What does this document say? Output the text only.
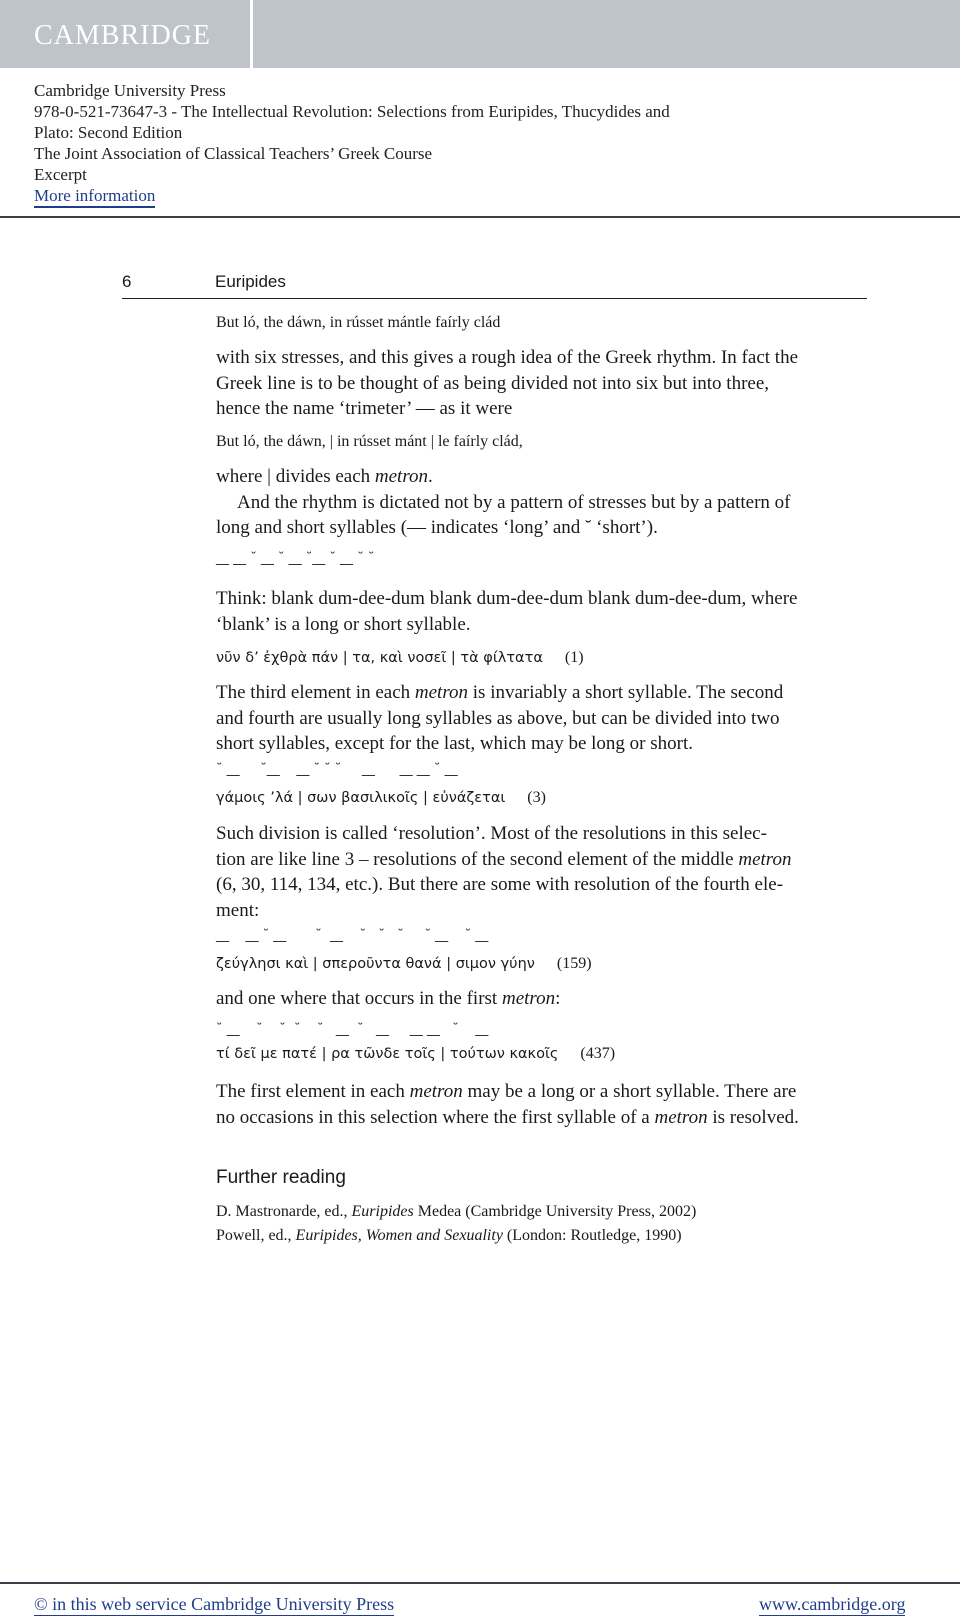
CAMBRIDGE
Cambridge University Press
978-0-521-73647-3 - The Intellectual Revolution: Selections from Euripides, Thucydides and
Plato: Second Edition
The Joint Association of Classical Teachers’ Greek Course
Excerpt
More information
6	Euripides
But ló, the dáwn, in rússet mántle faírly clád
with six stresses, and this gives a rough idea of the Greek rhythm. In fact the
Greek line is to be thought of as being divided not into six but into three,
hence the name ‘trimeter’ — as it were
But ló, the dáwn, | in rússet mánt | le faírly clád,
where | divides each metron.
And the rhythm is dictated not by a pattern of stresses but by a pattern of
long and short syllables (— indicates ‘long’ and ˘ ‘short’).
__ __ ˘ __ ˘ __ ˘__ ˘ __ ˘ ˘
Think: blank dum-dee-dum blank dum-dee-dum blank dum-dee-dum, where
‘blank’ is a long or short syllable.
νῦν δ’ ἐχθρὰ πάν | τα, καὶ νοσεῖ | τὰ φίλτατα (1)
The third element in each metron is invariably a short syllable. The second
and fourth are usually long syllables as above, but can be divided into two
short syllables, except for the last, which may be long or short.
˘ __     ˘__    __ ˘ ˘ ˘     __      __ __ ˘ __
γάμοις ’λά | σων βασιλικοῖς | εὐνάζεται (3)
Such division is called ‘resolution’. Most of the resolutions in this selec-
tion are like line 3 – resolutions of the second element of the middle metron
(6, 30, 114, 134, etc.). But there are some with resolution of the fourth ele-
ment:
__    __ ˘ __       ˘  __    ˘   ˘   ˘     ˘ __    ˘ __
ζεύγλησι καὶ | σπεροῦντα θανά | σιμον γύην (159)
and one where that occurs in the first metron:
˘ __    ˘    ˘  ˘    ˘   __  ˘   __     __ __   ˘    __
τί δεῖ με πατέ | ρα τῶνδε τοῖς | τούτων κακοῖς (437)
The first element in each metron may be a long or a short syllable. There are
no occasions in this selection where the first syllable of a metron is resolved.
Further reading
D. Mastronarde, ed., Euripides Medea (Cambridge University Press, 2002)
Powell, ed., Euripides, Women and Sexuality (London: Routledge, 1990)
© in this web service Cambridge University Press	www.cambridge.org
